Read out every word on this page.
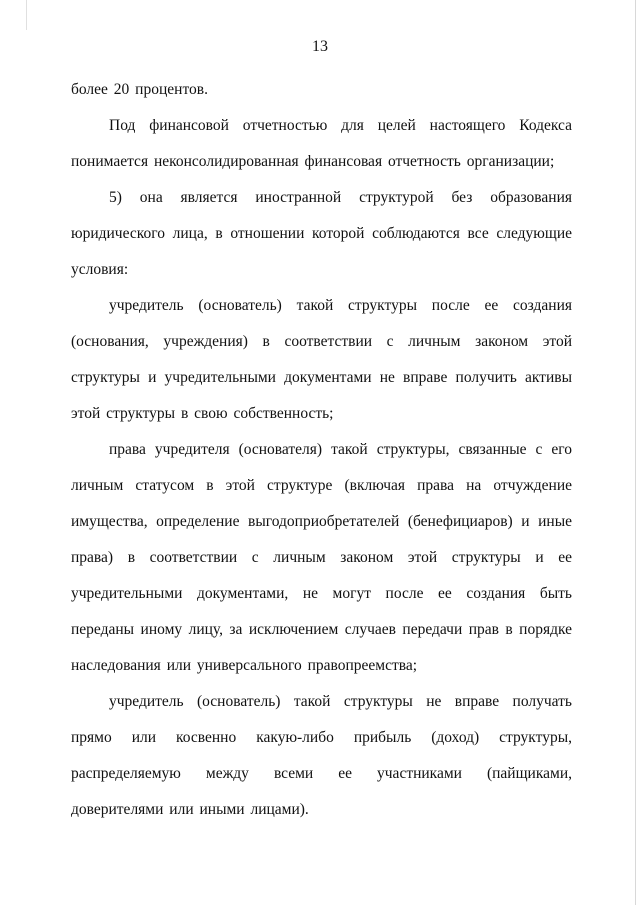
13

более 20 процентов.

Под финансовой отчетностью для целей настоящего Кодекса понимается неконсолидированная финансовая отчетность организации;

5) она является иностранной структурой без образования юридического лица, в отношении которой соблюдаются все следующие условия:

учредитель (основатель) такой структуры после ее создания (основания, учреждения) в соответствии с личным законом этой структуры и учредительными документами не вправе получить активы этой структуры в свою собственность;

права учредителя (основателя) такой структуры, связанные с его личным статусом в этой структуре (включая права на отчуждение имущества, определение выгодоприобретателей (бенефициаров) и иные права) в соответствии с личным законом этой структуры и ее учредительными документами, не могут после ее создания быть переданы иному лицу, за исключением случаев передачи прав в порядке наследования или универсального правопреемства;

учредитель (основатель) такой структуры не вправе получать прямо или косвенно какую-либо прибыль (доход) структуры, распределяемую между всеми ее участниками (пайщиками, доверителями или иными лицами).
